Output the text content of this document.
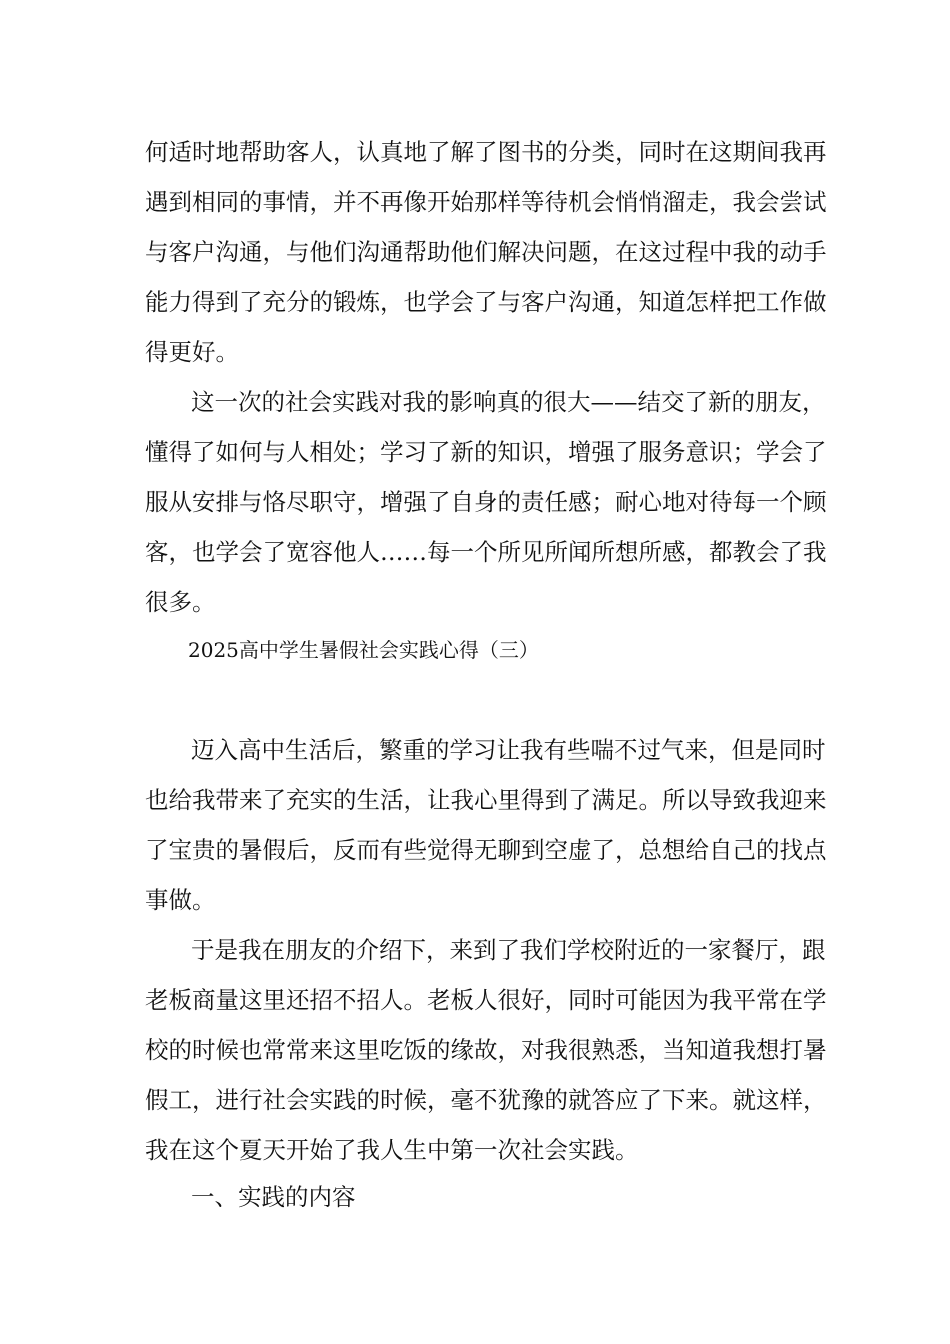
何适时地帮助客人，认真地了解了图书的分类，同时在这期间我再
遇到相同的事情，并不再像开始那样等待机会悄悄溜走，我会尝试
与客户沟通，与他们沟通帮助他们解决问题，在这过程中我的动手
能力得到了充分的锻炼，也学会了与客户沟通，知道怎样把工作做
得更好。
这一次的社会实践对我的影响真的很大——结交了新的朋友，
懂得了如何与人相处；学习了新的知识，增强了服务意识；学会了
服从安排与恪尽职守，增强了自身的责任感；耐心地对待每一个顾
客，也学会了宽容他人……每一个所见所闻所想所感，都教会了我
很多。
2025高中学生暑假社会实践心得（三）
迈入高中生活后，繁重的学习让我有些喘不过气来，但是同时
也给我带来了充实的生活，让我心里得到了满足。所以导致我迎来
了宝贵的暑假后，反而有些觉得无聊到空虚了，总想给自己的找点
事做。
于是我在朋友的介绍下，来到了我们学校附近的一家餐厅，跟
老板商量这里还招不招人。老板人很好，同时可能因为我平常在学
校的时候也常常来这里吃饭的缘故，对我很熟悉，当知道我想打暑
假工，进行社会实践的时候，毫不犹豫的就答应了下来。就这样，
我在这个夏天开始了我人生中第一次社会实践。
一、实践的内容
